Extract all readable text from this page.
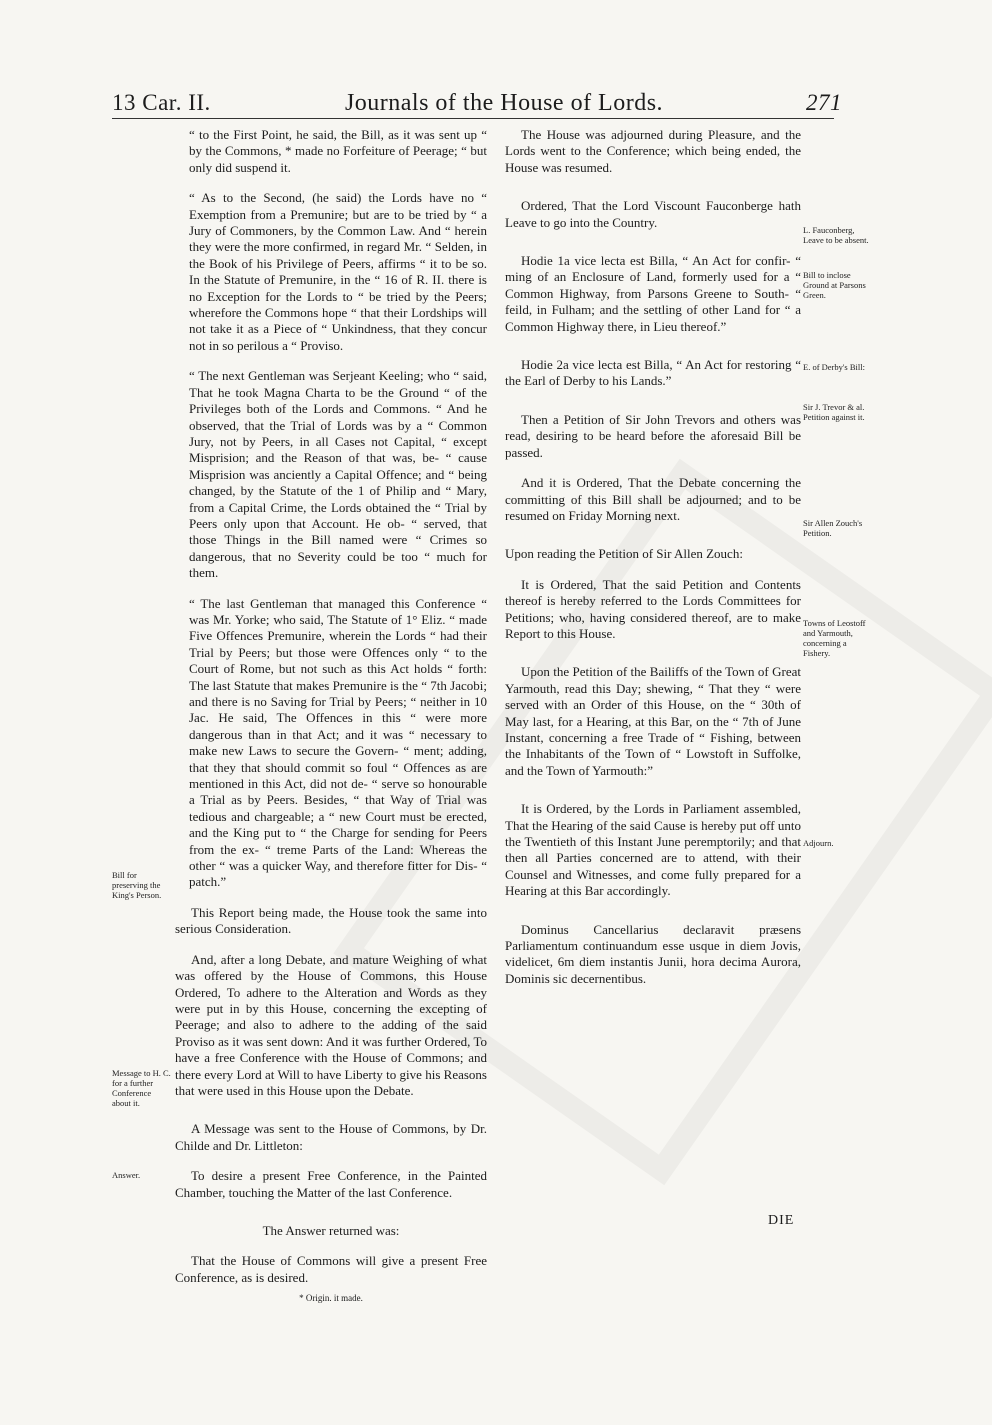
13 Car. II.	Journals of the House of Lords.	271

“ to the First Point, he said, the Bill, as it was sent up “ by the Commons, * made no Forfeiture of Peerage; “ but only did suspend it.

“ As to the Second, (he said) the Lords have no “ Exemption from a Premunire; but are to be tried by “ a Jury of Commoners, by the Common Law. And “ herein they were the more confirmed, in regard Mr. “ Selden, in the Book of his Privilege of Peers, affirms “ it to be so. In the Statute of Premunire, in the “ 16 of R. II. there is no Exception for the Lords to “ be tried by the Peers; wherefore the Commons hope “ that their Lordships will not take it as a Piece of “ Unkindness, that they concur not in so perilous a “ Proviso.

“ The next Gentleman was Serjeant Keeling; who “ said, That he took Magna Charta to be the Ground “ of the Privileges both of the Lords and Commons. “ And he observed, that the Trial of Lords was by a “ Common Jury, not by Peers, in all Cases not Capital, “ except Misprision; and the Reason of that was, be- “ cause Misprision was anciently a Capital Offence; and “ being changed, by the Statute of the 1 of Philip and “ Mary, from a Capital Crime, the Lords obtained the “ Trial by Peers only upon that Account. He ob- “ served, that those Things in the Bill named were “ Crimes so dangerous, that no Severity could be too “ much for them.

“ The last Gentleman that managed this Conference “ was Mr. Yorke; who said, The Statute of 1° Eliz. “ made Five Offences Premunire, wherein the Lords “ had their Trial by Peers; but those were Offences only “ to the Court of Rome, but not such as this Act holds “ forth: The last Statute that makes Premunire is the “ 7th Jacobi; and there is no Saving for Trial by Peers; “ neither in 10 Jac. He said, The Offences in this “ were more dangerous than in that Act; and it was “ necessary to make new Laws to secure the Govern- “ ment; adding, that they that should commit so foul “ Offences as are mentioned in this Act, did not de- “ serve so honourable a Trial as by Peers. Besides, “ that Way of Trial was tedious and chargeable; a “ new Court must be erected, and the King put to “ the Charge for sending for Peers from the ex- “ treme Parts of the Land: Whereas the other “ was a quicker Way, and therefore fitter for Dis- “ patch.”

This Report being made, the House took the same into serious Consideration.

And, after a long Debate, and mature Weighing of what was offered by the House of Commons, this House Ordered, To adhere to the Alteration and Words as they were put in by this House, concerning the excepting of Peerage; and also to adhere to the adding of the said Proviso as it was sent down: And it was further Ordered, To have a free Conference with the House of Commons; and there every Lord at Will to have Liberty to give his Reasons that were used in this House upon the Debate.

A Message was sent to the House of Commons, by Dr. Childe and Dr. Littleton:

To desire a present Free Conference, in the Painted Chamber, touching the Matter of the last Conference.

The Answer returned was:

That the House of Commons will give a present Free Conference, as is desired.

* Origin. it made.

The House was adjourned during Pleasure, and the Lords went to the Conference; which being ended, the House was resumed.

Ordered, That the Lord Viscount Fauconberge hath Leave to go into the Country.

Hodie 1a vice lecta est Billa, “ An Act for confir- “ ming of an Enclosure of Land, formerly used for a “ Common Highway, from Parsons Greene to South- “ feild, in Fulham; and the settling of other Land for “ a Common Highway there, in Lieu thereof.”

Hodie 2a vice lecta est Billa, “ An Act for restoring “ the Earl of Derby to his Lands.”

Then a Petition of Sir John Trevors and others was read, desiring to be heard before the aforesaid Bill be passed.

And it is Ordered, That the Debate concerning the committing of this Bill shall be adjourned; and to be resumed on Friday Morning next.

Upon reading the Petition of Sir Allen Zouch:

It is Ordered, That the said Petition and Contents thereof is hereby referred to the Lords Committees for Petitions; who, having considered thereof, are to make Report to this House.

Upon the Petition of the Bailiffs of the Town of Great Yarmouth, read this Day; shewing, “ That they “ were served with an Order of this House, on the “ 30th of May last, for a Hearing, at this Bar, on the “ 7th of June Instant, concerning a free Trade of “ Fishing, between the Inhabitants of the Town of “ Lowstoft in Suffolke, and the Town of Yarmouth:”

It is Ordered, by the Lords in Parliament assembled, That the Hearing of the said Cause is hereby put off unto the Twentieth of this Instant June peremptorily; and that then all Parties concerned are to attend, with their Counsel and Witnesses, and come fully prepared for a Hearing at this Bar accordingly.

Dominus Cancellarius declaravit præsens Parliamentum continuandum esse usque in diem Jovis, videlicet, 6m diem instantis Junii, hora decima Aurora, Dominis sic decernentibus.

Bill for preserving the King's Person.
Message to H. C. for a further Conference about it.
Answer.
L. Fauconberg, Leave to be absent.
Bill to inclose Ground at Parsons Green.
E. of Derby's Bill:
Sir J. Trevor & al. Petition against it.
Sir Allen Zouch's Petition.
Towns of Leostoff and Yarmouth, concerning a Fishery.
Adjourn.
DIE
